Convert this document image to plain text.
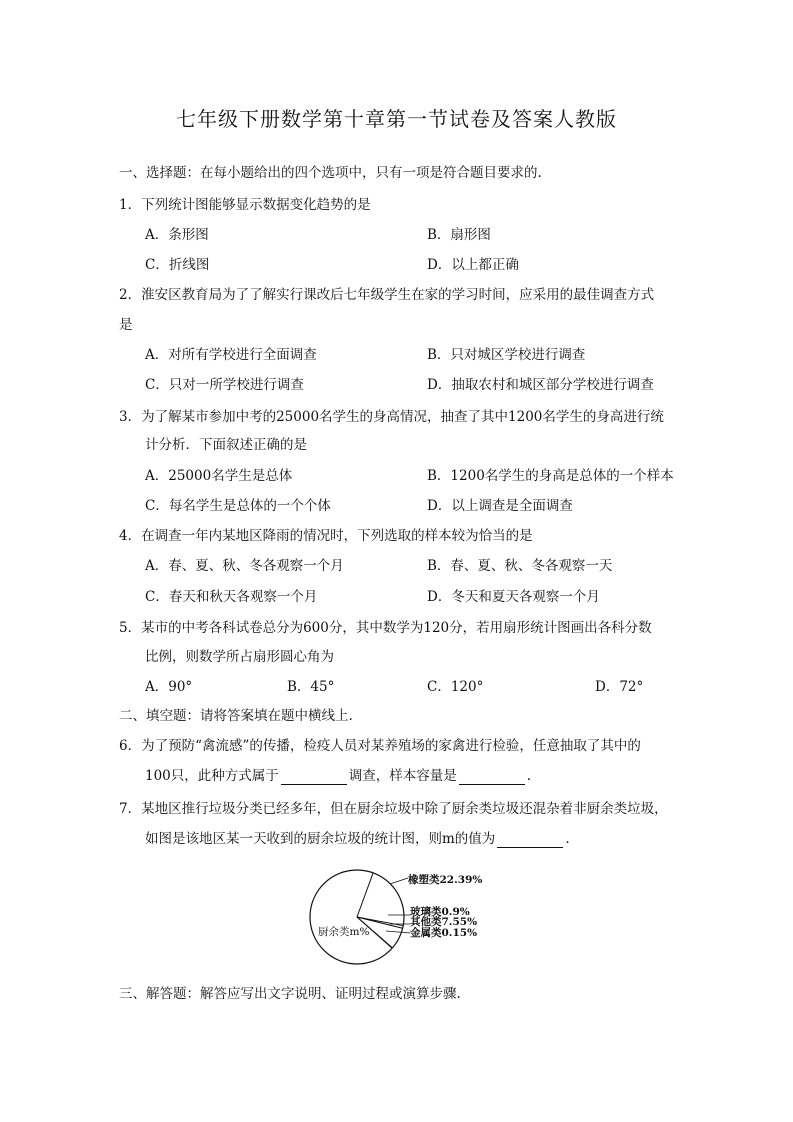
七年级下册数学第十章第一节试卷及答案人教版
一、选择题：在每小题给出的四个选项中，只有一项是符合题目要求的.
1．下列统计图能够显示数据变化趋势的是
A．条形图	B．扇形图
C．折线图	D．以上都正确
2．淮安区教育局为了了解实行课改后七年级学生在家的学习时间，应采用的最佳调查方式
是
A．对所有学校进行全面调查	B．只对城区学校进行调查
C．只对一所学校进行调查	D．抽取农村和城区部分学校进行调查
3．为了解某市参加中考的25000名学生的身高情况，抽查了其中1200名学生的身高进行统
计分析．下面叙述正确的是
A．25000名学生是总体	B．1200名学生的身高是总体的一个样本
C．每名学生是总体的一个个体	D．以上调查是全面调查
4．在调查一年内某地区降雨的情况时，下列选取的样本较为恰当的是
A．春、夏、秋、冬各观察一个月	B．春、夏、秋、冬各观察一天
C．春天和秋天各观察一个月	D．冬天和夏天各观察一个月
5．某市的中考各科试卷总分为600分，其中数学为120分，若用扇形统计图画出各科分数
比例，则数学所占扇形圆心角为
A．90°	B．45°	C．120°	D．72°
二、填空题：请将答案填在题中横线上.
6．为了预防“禽流感”的传播，检疫人员对某养殖场的家禽进行检验，任意抽取了其中的
100只，此种方式属于	调查，样本容量是	.
7．某地区推行垃圾分类已经多年，但在厨余垃圾中除了厨余类垃圾还混杂着非厨余类垃圾，
如图是该地区某一天收到的厨余垃圾的统计图，则m的值为	.
橡塑类22.39%
玻璃类0.9%
其他类7.55%
金属类0.15%
厨余类m%
三、解答题：解答应写出文字说明、证明过程或演算步骤.
